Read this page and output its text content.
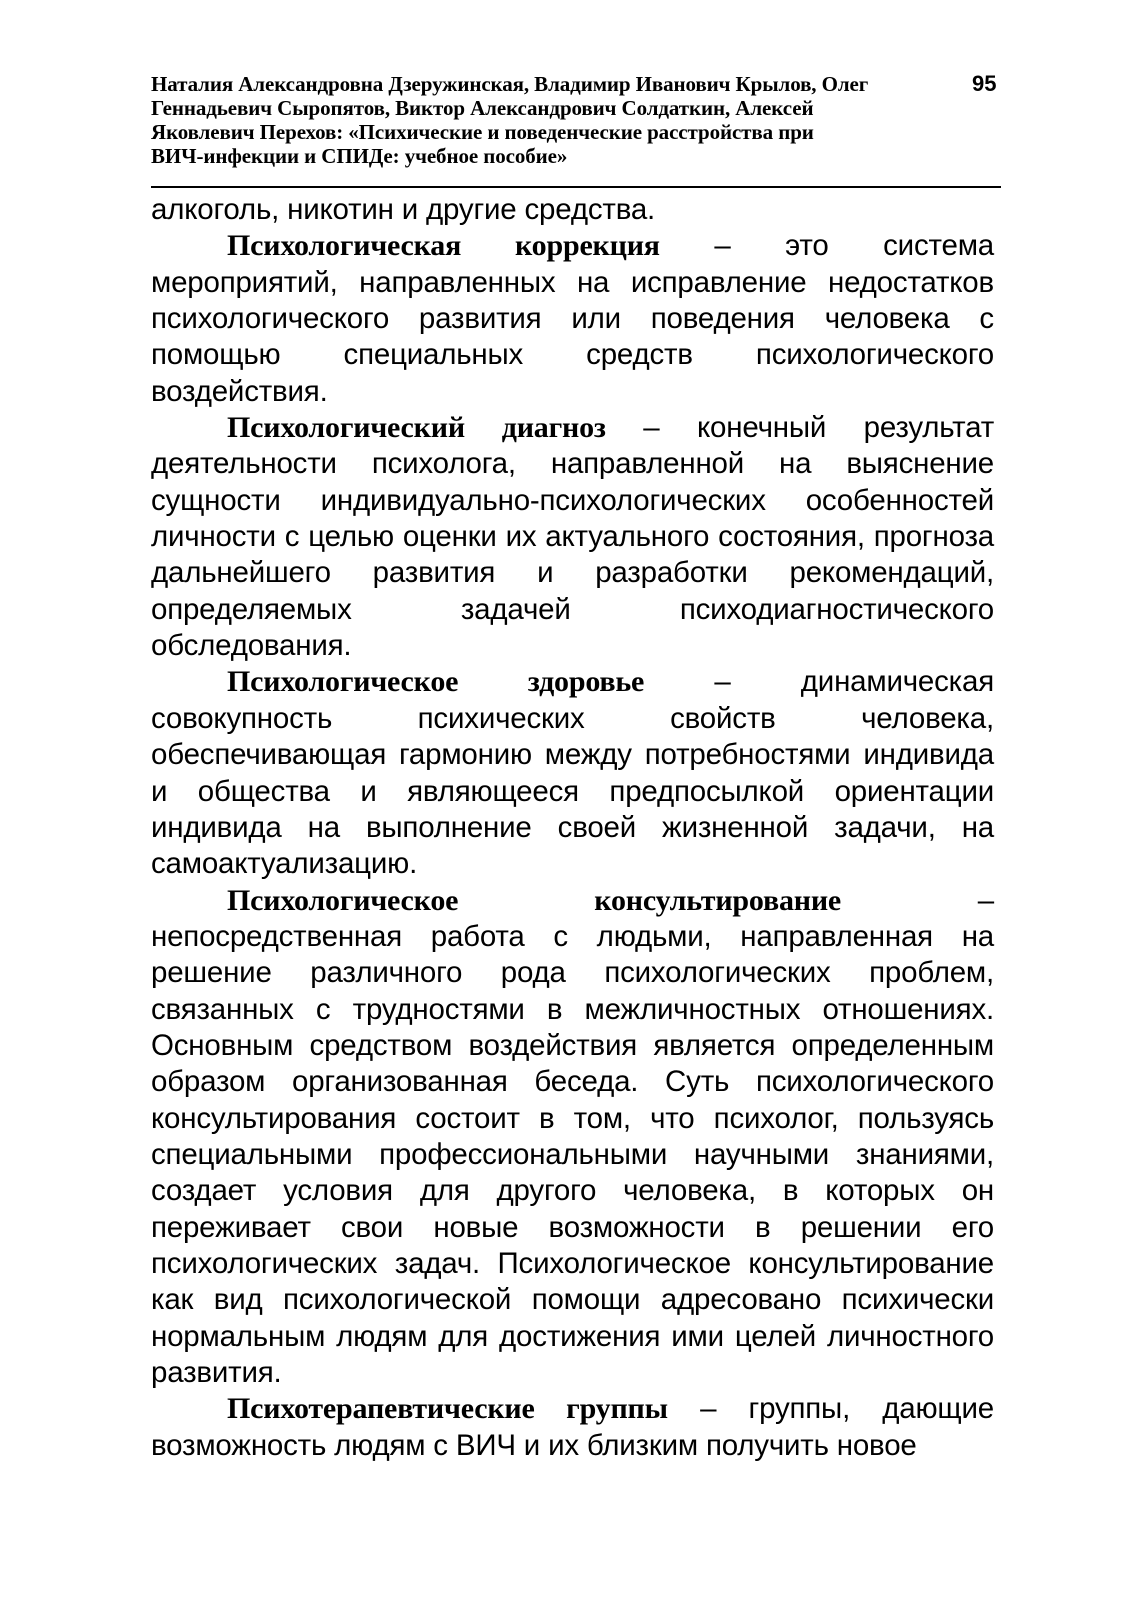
Наталия Александровна Дзеружинская, Владимир Иванович Крылов, Олег
Геннадьевич Сыропятов, Виктор Александрович Солдаткин, Алексей
Яковлевич Перехов: «Психические и поведенческие расстройства при
ВИЧ-инфекции и СПИДе: учебное пособие»
95

алкоголь, никотин и другие средства.

Психологическая коррекция – это система мероприятий, направленных на исправление недостатков психологического развития или поведения человека с помощью специальных средств психологического воздействия.

Психологический диагноз – конечный результат деятельности психолога, направленной на выяснение сущности индивидуально-психологических особенностей личности с целью оценки их актуального состояния, прогноза дальнейшего развития и разработки рекомендаций, определяемых задачей психодиагностического обследования.

Психологическое здоровье – динамическая совокупность психических свойств человека, обеспечивающая гармонию между потребностями индивида и общества и являющееся предпосылкой ориентации индивида на выполнение своей жизненной задачи, на самоактуализацию.

Психологическое консультирование – непосредственная работа с людьми, направленная на решение различного рода психологических проблем, связанных с трудностями в межличностных отношениях. Основным средством воздействия является определенным образом организованная беседа. Суть психологического консультирования состоит в том, что психолог, пользуясь специальными профессиональными научными знаниями, создает условия для другого человека, в которых он переживает свои новые возможности в решении его психологических задач. Психологическое консультирование как вид психологической помощи адресовано психически нормальным людям для достижения ими целей личностного развития.

Психотерапевтические группы – группы, дающие возможность людям с ВИЧ и их близким получить новое
